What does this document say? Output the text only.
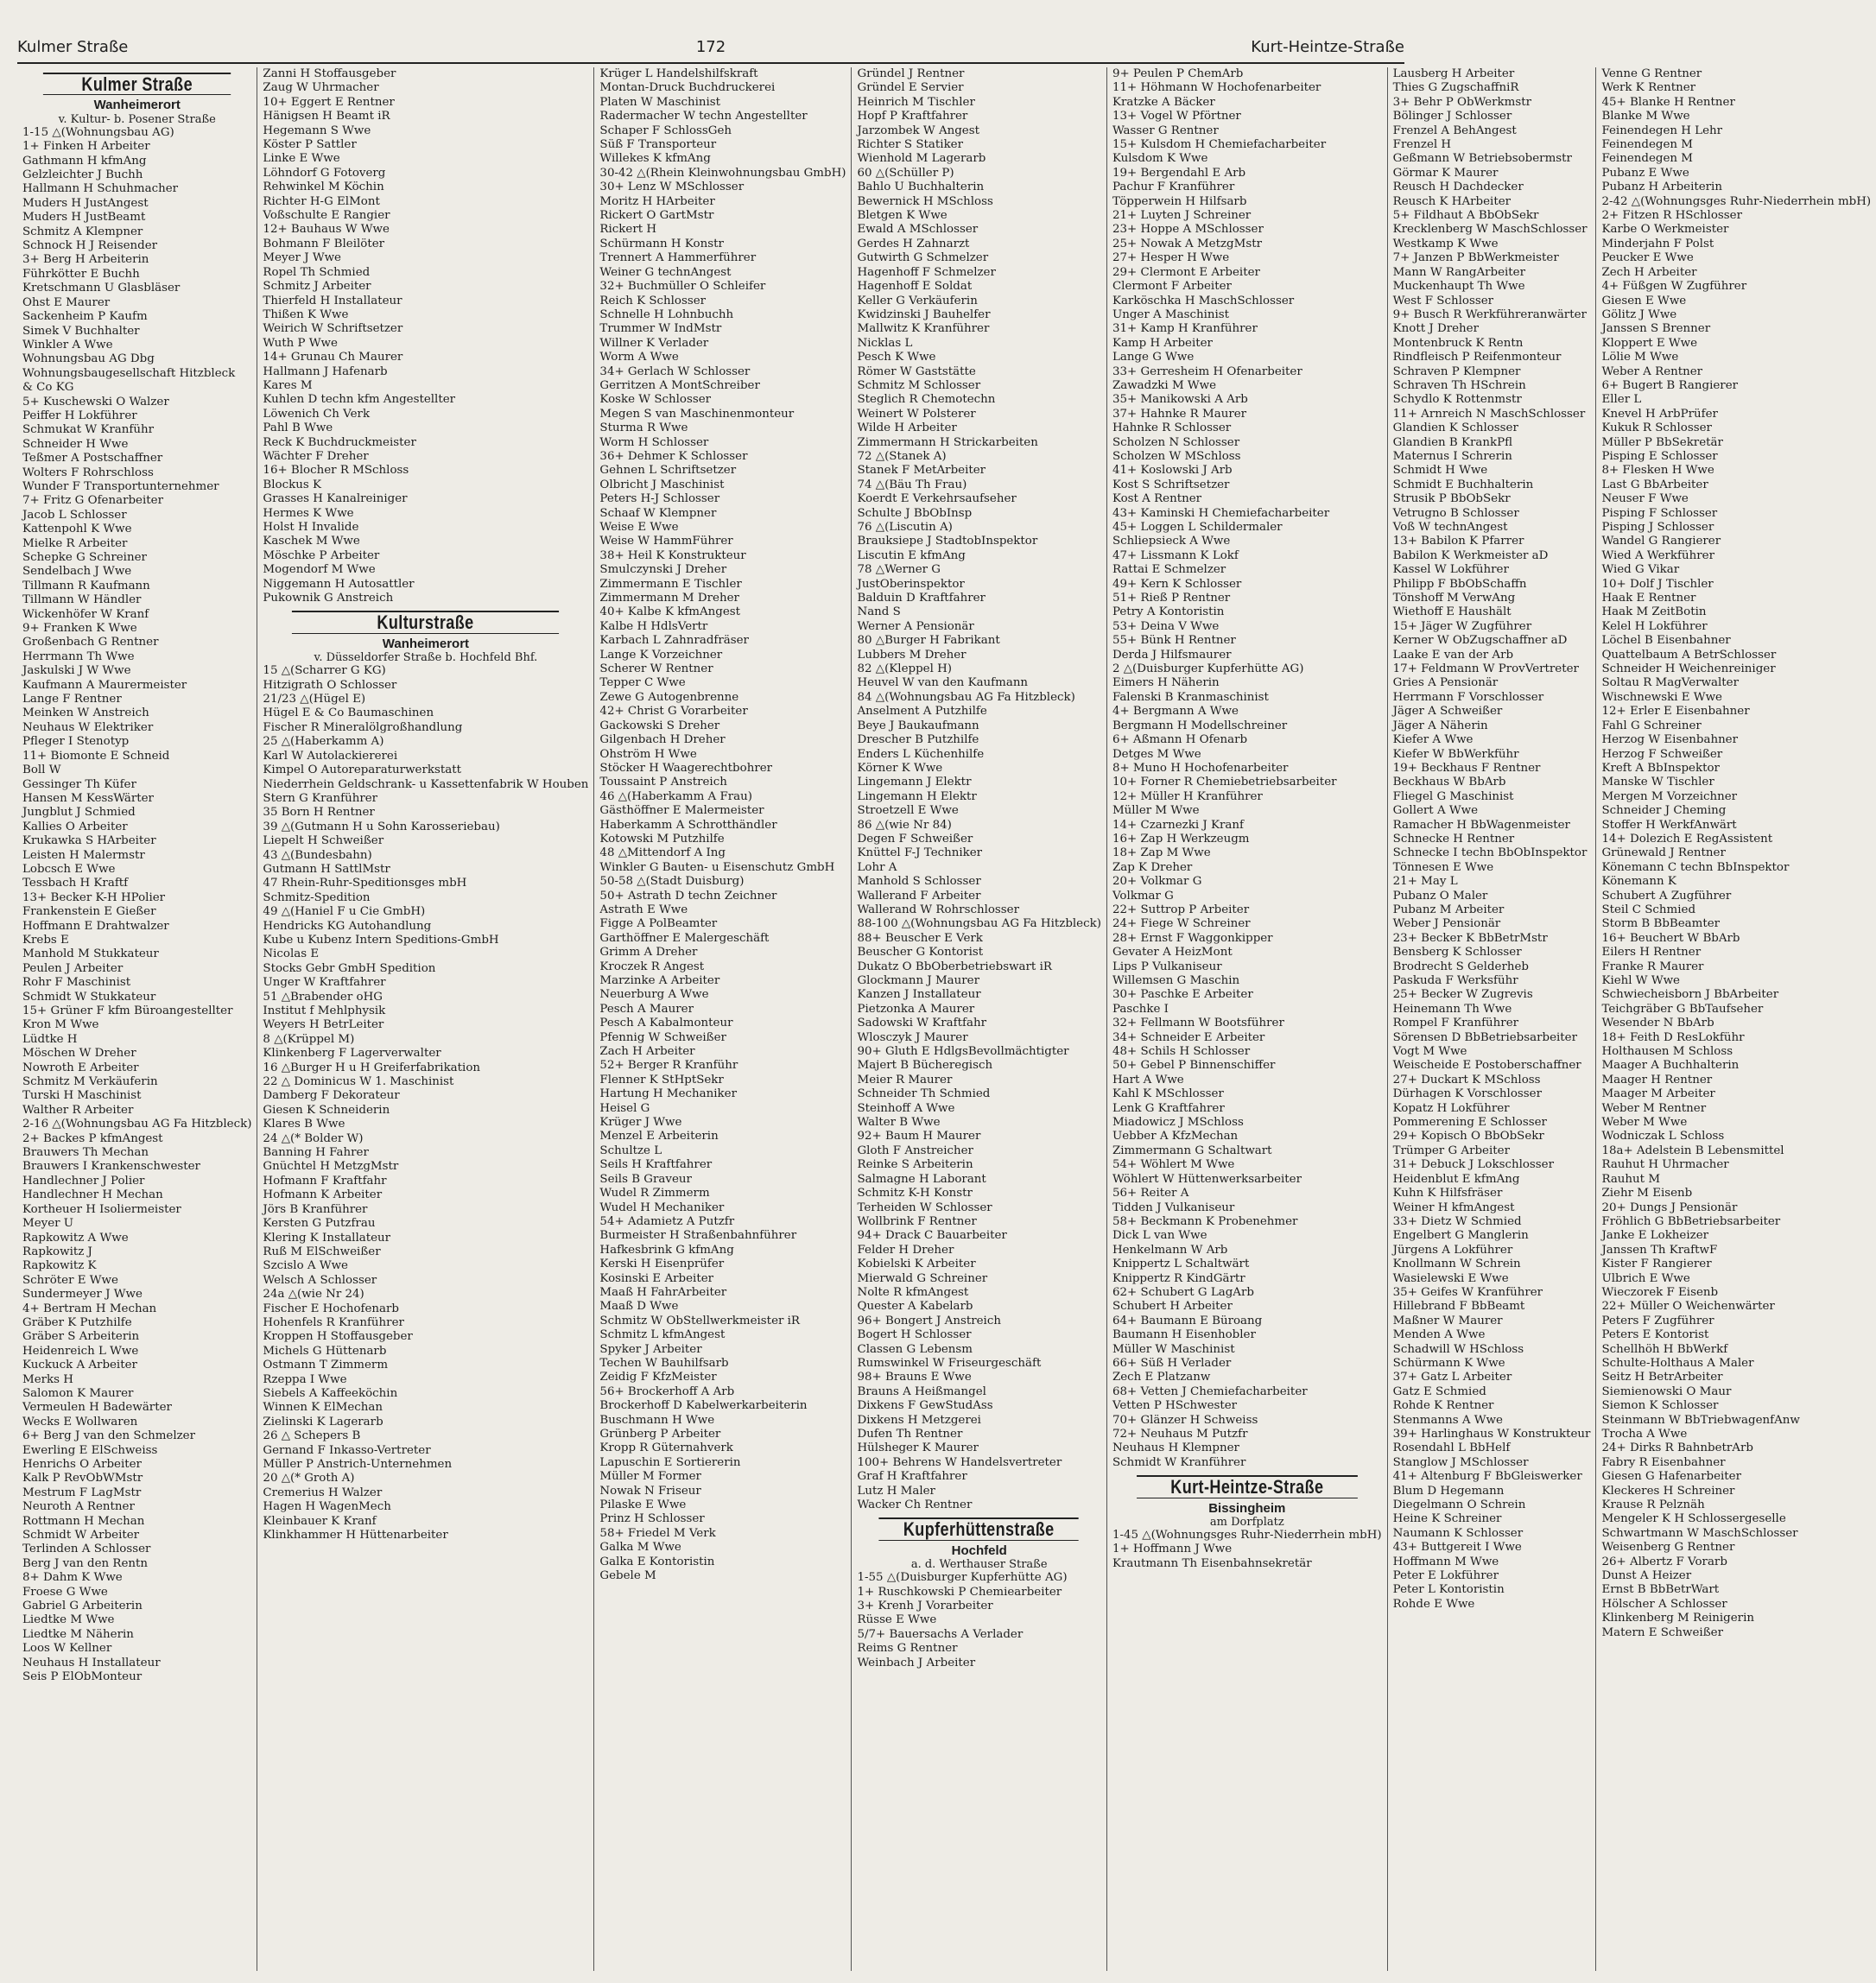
Kulmer Straße	172	Kurt-Heintze-Straße
Kulmer Straße
Wanheimerort
v. Kultur- b. Posener Straße
1-15 △(Wohnungsbau AG)
1+ Finken H Arbeiter
Gathmann H kfmAng
Gelzleichter J Buchh
Hallmann H Schuhmacher
Muders H JustAngest
Muders H JustBeamt
Schmitz A Klempner
Schnock H J Reisender
3+ Berg H Arbeiterin
Führkötter E Buchh
Kretschmann U Glasbläser
Ohst E Maurer
Sackenheim P Kaufm
Simek V Buchhalter
Winkler A Wwe
Wohnungsbau AG Dbg
Wohnungsbaugesellschaft Hitzbleck
& Co KG
5+ Kuschewski O Walzer
Peiffer H Lokführer
Schmukat W Kranführ
Schneider H Wwe
Teßmer A Postschaffner
Wolters F Rohrschloss
Wunder F Transportunternehmer
7+ Fritz G Ofenarbeiter
Jacob L Schlosser
Kattenpohl K Wwe
Mielke R Arbeiter
Schepke G Schreiner
Sendelbach J Wwe
Tillmann R Kaufmann
Tillmann W Händler
Wickenhöfer W Kranf
9+ Franken K Wwe
Großenbach G Rentner
Herrmann Th Wwe
Jaskulski J W Wwe
Kaufmann A Maurermeister
Lange F Rentner
Meinken W Anstreich
Neuhaus W Elektriker
Pfleger I Stenotyp
11+ Biomonte E Schneid
Boll W
Gessinger Th Küfer
Hansen M KessWärter
Jungblut J Schmied
Kallies O Arbeiter
Krukawka S HArbeiter
Leisten H Malermstr
Lobcsch E Wwe
Tessbach H Kraftf
13+ Becker K-H HPolier
Frankenstein E Gießer
Hoffmann E Drahtwalzer
Krebs E
Manhold M Stukkateur
Peulen J Arbeiter
Rohr F Maschinist
Schmidt W Stukkateur
15+ Grüner F kfm Büroangestellter
Kron M Wwe
Lüdtke H
Möschen W Dreher
Nowroth E Arbeiter
Schmitz M Verkäuferin
Turski H Maschinist
Walther R Arbeiter
2-16 △(Wohnungsbau AG Fa Hitzbleck)
2+ Backes P kfmAngest
Brauwers Th Mechan
Brauwers I Krankenschwester
Handlechner J Polier
Handlechner H Mechan
Kortheuer H Isoliermeister
Meyer U
Rapkowitz A Wwe
Rapkowitz J
Rapkowitz K
Schröter E Wwe
Sundermeyer J Wwe
4+ Bertram H Mechan
Gräber K Putzhilfe
Gräber S Arbeiterin
Heidenreich L Wwe
Kuckuck A Arbeiter
Merks H
Salomon K Maurer
Vermeulen H Badewärter
Wecks E Wollwaren
6+ Berg J van den Schmelzer
Ewerling E ElSchweiss
Henrichs O Arbeiter
Kalk P RevObWMstr
Mestrum F LagMstr
Neuroth A Rentner
Rottmann H Mechan
Schmidt W Arbeiter
Terlinden A Schlosser
Berg J van den Rentn
8+ Dahm K Wwe
Froese G Wwe
Gabriel G Arbeiterin
Liedtke M Wwe
Liedtke M Näherin
Loos W Kellner
Neuhaus H Installateur
Seis P ElObMonteur
Zanni H Stoffausgeber
Zaug W Uhrmacher
10+ Eggert E Rentner
Hänigsen H Beamt iR
Hegemann S Wwe
Köster P Sattler
Linke E Wwe
Löhndorf G Fotoverg
Rehwinkel M Köchin
Richter H-G ElMont
Voßschulte E Rangier
12+ Bauhaus W Wwe
Bohmann F Bleilöter
Meyer J Wwe
Ropel Th Schmied
Schmitz J Arbeiter
Thierfeld H Installateur
Thißen K Wwe
Weirich W Schriftsetzer
Wuth P Wwe
14+ Grunau Ch Maurer
Hallmann J Hafenarb
Kares M
Kuhlen D techn kfm Angestellter
Löwenich Ch Verk
Pahl B Wwe
Reck K Buchdruckmeister
Wächter F Dreher
16+ Blocher R MSchloss
Blockus K
Grasses H Kanalreiniger
Hermes K Wwe
Holst H Invalide
Kaschek M Wwe
Möschke P Arbeiter
Mogendorf M Wwe
Niggemann H Autosattler
Pukownik G Anstreich
Kulturstraße
Wanheimerort
v. Düsseldorfer Straße b. Hochfeld Bhf.
15 △(Scharrer G KG)
Hitzigrath O Schlosser
21/23 △(Hügel E)
Hügel E & Co Baumaschinen
Fischer R Mineralölgroßhandlung
25 △(Haberkamm A)
Karl W Autolackiererei
Kimpel O Autoreparaturwerkstatt
Niederrhein Geldschrank- u Kassettenfabrik W Houben
Stern G Kranführer
35 Born H Rentner
39 △(Gutmann H u Sohn Karosseriebau)
Liepelt H Schweißer
43 △(Bundesbahn)
Gutmann H SattlMstr
47 Rhein-Ruhr-Speditionsges mbH
Schmitz-Spedition
49 △(Haniel F u Cie GmbH)
Hendricks KG Autohandlung
Kube u Kubenz Intern Speditions-GmbH
Nicolas E
Stocks Gebr GmbH Spedition
Unger W Kraftfahrer
51 △Brabender oHG
Institut f Mehlphysik
Weyers H BetrLeiter
8 △(Krüppel M)
Klinkenberg F Lagerverwalter
16 △Burger H u H Greiferfabrikation
22 △ Dominicus W 1. Maschinist
Damberg F Dekorateur
Giesen K Schneiderin
Klares B Wwe
24 △(* Bolder W)
Banning H Fahrer
Gnüchtel H MetzgMstr
Hofmann F Kraftfahr
Hofmann K Arbeiter
Jörs B Kranführer
Kersten G Putzfrau
Klering K Installateur
Ruß M ElSchweißer
Szcislo A Wwe
Welsch A Schlosser
24a △(wie Nr 24)
Fischer E Hochofenarb
Hohenfels R Kranführer
Kroppen H Stoffausgeber
Michels G Hüttenarb
Ostmann T Zimmerm
Rzeppa I Wwe
Siebels A Kaffeeköchin
Winnen K ElMechan
Zielinski K Lagerarb
26 △ Schepers B
Gernand F Inkasso-Vertreter
Müller P Anstrich-Unternehmen
20 △(* Groth A)
Cremerius H Walzer
Hagen H WagenMech
Kleinbauer K Kranf
Klinkhammer H Hüttenarbeiter
Krüger L Handelshilfskraft
Montan-Druck Buchdruckerei
Platen W Maschinist
Radermacher W techn Angestellter
Schaper F SchlossGeh
Süß F Transporteur
Willekes K kfmAng
30-42 △(Rhein Kleinwohnungsbau GmbH)
30+ Lenz W MSchlosser
Moritz H HArbeiter
Rickert O GartMstr
Rickert H
Schürmann H Konstr
Trennert A Hammerführer
Weiner G technAngest
32+ Buchmüller O Schleifer
Reich K Schlosser
Schnelle H Lohnbuchh
Trummer W IndMstr
Willner K Verlader
Worm A Wwe
34+ Gerlach W Schlosser
Gerritzen A MontSchreiber
Koske W Schlosser
Megen S van Maschinenmonteur
Sturma R Wwe
Worm H Schlosser
36+ Dehmer K Schlosser
Gehnen L Schriftsetzer
Olbricht J Maschinist
Peters H-J Schlosser
Schaaf W Klempner
Weise E Wwe
Weise W HammFührer
38+ Heil K Konstrukteur
Smulczynski J Dreher
Zimmermann E Tischler
Zimmermann M Dreher
40+ Kalbe K kfmAngest
Kalbe H HdlsVertr
Karbach L Zahnradfräser
Lange K Vorzeichner
Scherer W Rentner
Tepper C Wwe
Zewe G Autogenbrenne
42+ Christ G Vorarbeiter
Gackowski S Dreher
Gilgenbach H Dreher
Ohström H Wwe
Stöcker H Waagerechtbohrer
Toussaint P Anstreich
46 △(Haberkamm A Frau)
Gästhöffner E Malermeister
Haberkamm A Schrotthändler
Kotowski M Putzhilfe
48 △Mittendorf A Ing
Winkler G Bauten- u Eisenschutz GmbH
50-58 △(Stadt Duisburg)
50+ Astrath D techn Zeichner
Astrath E Wwe
Figge A PolBeamter
Garthöffner E Malergeschäft
Grimm A Dreher
Kroczek R Angest
Marzinke A Arbeiter
Neuerburg A Wwe
Pesch A Maurer
Pesch A Kabalmonteur
Pfennig W Schweißer
Zach H Arbeiter
52+ Berger R Kranführ
Flenner K StHptSekr
Hartung H Mechaniker
Heisel G
Krüger J Wwe
Menzel E Arbeiterin
Schultze L
Seils H Kraftfahrer
Seils B Graveur
Wudel R Zimmerm
Wudel H Mechaniker
54+ Adamietz A Putzfr
Burmeister H Straßenbahnführer
Hafkesbrink G kfmAng
Kerski H Eisenprüfer
Kosinski E Arbeiter
Maaß H FahrArbeiter
Maaß D Wwe
Schmitz W ObStellwerkmeister iR
Schmitz L kfmAngest
Spyker J Arbeiter
Techen W Bauhilfsarb
Zeidig F KfzMeister
56+ Brockerhoff A Arb
Brockerhoff D Kabelwerkarbeiterin
Buschmann H Wwe
Grünberg P Arbeiter
Kropp R Güternahverk
Lapuschin E Sortiererin
Müller M Former
Nowak N Friseur
Pilaske E Wwe
Prinz H Schlosser
58+ Friedel M Verk
Galka M Wwe
Galka E Kontoristin
Gebele M
Gründel J Rentner
Gründel E Servier
Heinrich M Tischler
Hopf P Kraftfahrer
Jarzombek W Angest
Richter S Statiker
Wienhold M Lagerarb
60 △(Schüller P)
Bahlo U Buchhalterin
Bewernick H MSchloss
Bletgen K Wwe
Ewald A MSchlosser
Gerdes H Zahnarzt
Gutwirth G Schmelzer
Hagenhoff F Schmelzer
Hagenhoff E Soldat
Keller G Verkäuferin
Kwidzinski J Bauhelfer
Mallwitz K Kranführer
Nicklas L
Pesch K Wwe
Römer W Gaststätte
Schmitz M Schlosser
Steglich R Chemotechn
Weinert W Polsterer
Wilde H Arbeiter
Zimmermann H Strickarbeiten
72 △(Stanek A)
Stanek F MetArbeiter
74 △(Bäu Th Frau)
Koerdt E Verkehrsaufseher
Schulte J BbObInsp
76 △(Liscutin A)
Brauksiepe J StadtobInspektor
Liscutin E kfmAng
78 △Werner G
JustOberinspektor
Balduin D Kraftfahrer
Nand S
Werner A Pensionär
80 △Burger H Fabrikant
Lubbers M Dreher
82 △(Kleppel H)
Heuvel W van den Kaufmann
84 △(Wohnungsbau AG Fa Hitzbleck)
Anselment A Putzhilfe
Beye J Baukaufmann
Drescher B Putzhilfe
Enders L Küchenhilfe
Körner K Wwe
Lingemann J Elektr
Lingemann H Elektr
Stroetzell E Wwe
86 △(wie Nr 84)
Degen F Schweißer
Knüttel F-J Techniker
Lohr A
Manhold S Schlosser
Wallerand F Arbeiter
Wallerand W Rohrschlosser
88-100 △(Wohnungsbau AG Fa Hitzbleck)
88+ Beuscher E Verk
Beuscher G Kontorist
Dukatz O BbOberbetriebswart iR
Glockmann J Maurer
Kanzen J Installateur
Pietzonka A Maurer
Sadowski W Kraftfahr
Wlosczyk J Maurer
90+ Gluth E HdlgsBevollmächtigter
Majert B Bücheregisch
Meier R Maurer
Schneider Th Schmied
Steinhoff A Wwe
Walter B Wwe
92+ Baum H Maurer
Gloth F Anstreicher
Reinke S Arbeiterin
Salmagne H Laborant
Schmitz K-H Konstr
Terheiden W Schlosser
Wollbrink F Rentner
94+ Drack C Bauarbeiter
Felder H Dreher
Kobielski K Arbeiter
Mierwald G Schreiner
Nolte R kfmAngest
Quester A Kabelarb
96+ Bongert J Anstreich
Bogert H Schlosser
Classen G Lebensm
Rumswinkel W Friseurgeschäft
98+ Brauns E Wwe
Brauns A Heißmangel
Dixkens F GewStudAss
Dixkens H Metzgerei
Dufen Th Rentner
Hülsheger K Maurer
100+ Behrens W Handelsvertreter
Graf H Kraftfahrer
Lutz H Maler
Wacker Ch Rentner
Kupferhüttenstraße
Hochfeld
a. d. Werthauser Straße
1-55 △(Duisburger Kupferhütte AG)
1+ Ruschkowski P Chemiearbeiter
3+ Krenh J Vorarbeiter
Rüsse E Wwe
5/7+ Bauersachs A Verlader
Reims G Rentner
Weinbach J Arbeiter
9+ Peulen P ChemArb
11+ Höhmann W Hochofenarbeiter
Kratzke A Bäcker
13+ Vogel W Pförtner
Wasser G Rentner
15+ Kulsdom H Chemiefacharbeiter
Kulsdom K Wwe
19+ Bergendahl E Arb
Pachur F Kranführer
Töpperwein H Hilfsarb
21+ Luyten J Schreiner
23+ Hoppe A MSchlosser
25+ Nowak A MetzgMstr
27+ Hesper H Wwe
29+ Clermont E Arbeiter
Clermont F Arbeiter
Karköschka H MaschSchlosser
Unger A Maschinist
31+ Kamp H Kranführer
Kamp H Arbeiter
Lange G Wwe
33+ Gerresheim H Ofenarbeiter
Zawadzki M Wwe
35+ Manikowski A Arb
37+ Hahnke R Maurer
Hahnke R Schlosser
Scholzen N Schlosser
Scholzen W MSchloss
41+ Koslowski J Arb
Kost S Schriftsetzer
Kost A Rentner
43+ Kaminski H Chemiefacharbeiter
45+ Loggen L Schildermaler
Schliepsieck A Wwe
47+ Lissmann K Lokf
Rattai E Schmelzer
49+ Kern K Schlosser
51+ Rieß P Rentner
Petry A Kontoristin
53+ Deina V Wwe
55+ Bünk H Rentner
Derda J Hilfsmaurer
2 △(Duisburger Kupferhütte AG)
Eimers H Näherin
Falenski B Kranmaschinist
4+ Bergmann A Wwe
Bergmann H Modellschreiner
6+ Aßmann H Ofenarb
Detges M Wwe
8+ Muno H Hochofenarbeiter
10+ Forner R Chemiebetriebsarbeiter
12+ Müller H Kranführer
Müller M Wwe
14+ Czarnezki J Kranf
16+ Zap H Werkzeugm
18+ Zap M Wwe
Zap K Dreher
20+ Volkmar G
Volkmar G
22+ Suttrop P Arbeiter
24+ Fiege W Schreiner
28+ Ernst F Waggonkipper
Gevater A HeizMont
Lips P Vulkaniseur
Willemsen G Maschin
30+ Paschke E Arbeiter
Paschke I
32+ Fellmann W Bootsführer
34+ Schneider E Arbeiter
48+ Schils H Schlosser
50+ Gebel P Binnenschiffer
Hart A Wwe
Kahl K MSchlosser
Lenk G Kraftfahrer
Miadowicz J MSchloss
Uebber A KfzMechan
Zimmermann G Schaltwart
54+ Wöhlert M Wwe
Wöhlert W Hüttenwerksarbeiter
56+ Reiter A
Tidden J Vulkaniseur
58+ Beckmann K Probenehmer
Dick L van Wwe
Henkelmann W Arb
Knippertz L Schaltwärt
Knippertz R KindGärtr
62+ Schubert G LagArb
Schubert H Arbeiter
64+ Baumann E Büroang
Baumann H Eisenhobler
Müller W Maschinist
66+ Süß H Verlader
Zech E Platzanw
68+ Vetten J Chemiefacharbeiter
Vetten P HSchwester
70+ Glänzer H Schweiss
72+ Neuhaus M Putzfr
Neuhaus H Klempner
Schmidt W Kranführer
Kurt-Heintze-Straße
Bissingheim
am Dorfplatz
1-45 △(Wohnungsges Ruhr-Niederrhein mbH)
1+ Hoffmann J Wwe
Krautmann Th Eisenbahnsekretär
Lausberg H Arbeiter
Thies G ZugschaffniR
3+ Behr P ObWerkmstr
Bölinger J Schlosser
Frenzel A BehAngest
Frenzel H
Geßmann W Betriebsobermstr
Görmar K Maurer
Reusch H Dachdecker
Reusch K HArbeiter
5+ Fildhaut A BbObSekr
Krecklenberg W MaschSchlosser
Westkamp K Wwe
7+ Janzen P BbWerkmeister
Mann W RangArbeiter
Muckenhaupt Th Wwe
West F Schlosser
9+ Busch R Werkführeranwärter
Knott J Dreher
Montenbruck K Rentn
Rindfleisch P Reifenmonteur
Schraven P Klempner
Schraven Th HSchrein
Schydlo K Rottenmstr
11+ Arnreich N MaschSchlosser
Glandien K Schlosser
Glandien B KrankPfl
Maternus I Schrerin
Schmidt H Wwe
Schmidt E Buchhalterin
Strusik P BbObSekr
Vetrugno B Schlosser
Voß W technAngest
13+ Babilon K Pfarrer
Babilon K Werkmeister aD
Kassel W Lokführer
Philipp F BbObSchaffn
Tönshoff M VerwAng
Wiethoff E Haushält
15+ Jäger W Zugführer
Kerner W ObZugschaffner aD
Laake E van der Arb
17+ Feldmann W ProvVertreter
Gries A Pensionär
Herrmann F Vorschlosser
Jäger A Schweißer
Jäger A Näherin
Kiefer A Wwe
Kiefer W BbWerkführ
19+ Beckhaus F Rentner
Beckhaus W BbArb
Fliegel G Maschinist
Gollert A Wwe
Ramacher H BbWagenmeister
Schnecke H Rentner
Schnecke I techn BbObInspektor
Tönnesen E Wwe
21+ May L
Pubanz O Maler
Pubanz M Arbeiter
Weber J Pensionär
23+ Becker K BbBetrMstr
Bensberg K Schlosser
Brodrecht S Gelderheb
Paskuda F Werksführ
25+ Becker W Zugrevis
Heinemann Th Wwe
Rompel F Kranführer
Sörensen D BbBetriebsarbeiter
Vogt M Wwe
Weischeide E Postoberschaffner
27+ Duckart K MSchloss
Dürhagen K Vorschlosser
Kopatz H Lokführer
Pommerening E Schlosser
29+ Kopisch O BbObSekr
Trümper G Arbeiter
31+ Debuck J Lokschlosser
Heidenblut E kfmAng
Kuhn K Hilfsfräser
Weiner H kfmAngest
33+ Dietz W Schmied
Engelbert G Manglerin
Jürgens A Lokführer
Knollmann W Schrein
Wasielewski E Wwe
35+ Geifes W Kranführer
Hillebrand F BbBeamt
Maßner W Maurer
Menden A Wwe
Schadwill W HSchloss
Schürmann K Wwe
37+ Gatz L Arbeiter
Gatz E Schmied
Rohde K Rentner
Stenmanns A Wwe
39+ Harlinghaus W Konstrukteur
Rosendahl L BbHelf
Stanglow J MSchlosser
41+ Altenburg F BbGleiswerker
Blum D Hegemann
Diegelmann O Schrein
Heine K Schreiner
Naumann K Schlosser
43+ Buttgereit I Wwe
Hoffmann M Wwe
Peter E Lokführer
Peter L Kontoristin
Rohde E Wwe
Venne G Rentner
Werk K Rentner
45+ Blanke H Rentner
Blanke M Wwe
Feinendegen H Lehr
Feinendegen M
Feinendegen M
Pubanz E Wwe
Pubanz H Arbeiterin
2-42 △(Wohnungsges Ruhr-Niederrhein mbH)
2+ Fitzen R HSchlosser
Karbe O Werkmeister
Minderjahn F Polst
Peucker E Wwe
Zech H Arbeiter
4+ Füßgen W Zugführer
Giesen E Wwe
Gölitz J Wwe
Janssen S Brenner
Kloppert E Wwe
Lölie M Wwe
Weber A Rentner
6+ Bugert B Rangierer
Eller L
Knevel H ArbPrüfer
Kukuk R Schlosser
Müller P BbSekretär
Pisping E Schlosser
8+ Flesken H Wwe
Last G BbArbeiter
Neuser F Wwe
Pisping F Schlosser
Pisping J Schlosser
Wandel G Rangierer
Wied A Werkführer
Wied G Vikar
10+ Dolf J Tischler
Haak E Rentner
Haak M ZeitBotin
Kelel H Lokführer
Löchel B Eisenbahner
Quattelbaum A BetrSchlosser
Schneider H Weichenreiniger
Soltau R MagVerwalter
Wischnewski E Wwe
12+ Erler E Eisenbahner
Fahl G Schreiner
Herzog W Eisenbahner
Herzog F Schweißer
Kreft A BbInspektor
Manske W Tischler
Mergen M Vorzeichner
Schneider J Cheming
Stoffer H WerkfAnwärt
14+ Dolezich E RegAssistent
Grünewald J Rentner
Könemann C techn BbInspektor
Könemann K
Schubert A Zugführer
Steil C Schmied
Storm B BbBeamter
16+ Beuchert W BbArb
Eilers H Rentner
Franke R Maurer
Kiehl W Wwe
Schwiecheisborn J BbArbeiter
Teichgräber G BbTaufseher
Wesender N BbArb
18+ Feith D ResLokführ
Holthausen M Schloss
Maager A Buchhalterin
Maager H Rentner
Maager M Arbeiter
Weber M Rentner
Weber M Wwe
Wodniczak L Schloss
18a+ Adelstein B Lebensmittel
Rauhut H Uhrmacher
Rauhut M
Ziehr M Eisenb
20+ Dungs J Pensionär
Fröhlich G BbBetriebsarbeiter
Janke E Lokheizer
Janssen Th KraftwF
Kister F Rangierer
Ulbrich E Wwe
Wieczorek F Eisenb
22+ Müller O Weichenwärter
Peters F Zugführer
Peters E Kontorist
Schellhöh H BbWerkf
Schulte-Holthaus A Maler
Seitz H BetrArbeiter
Siemienowski O Maur
Siemon K Schlosser
Steinmann W BbTriebwagenfAnw
Trocha A Wwe
24+ Dirks R BahnbetrArb
Fabry R Eisenbahner
Giesen G Hafenarbeiter
Kleckeres H Schreiner
Krause R Pelznäh
Mengeler K H Schlossergeselle
Schwartmann W MaschSchlosser
Weisenberg G Rentner
26+ Albertz F Vorarb
Dunst A Heizer
Ernst B BbBetrWart
Hölscher A Schlosser
Klinkenberg M Reinigerin
Matern E Schweißer
